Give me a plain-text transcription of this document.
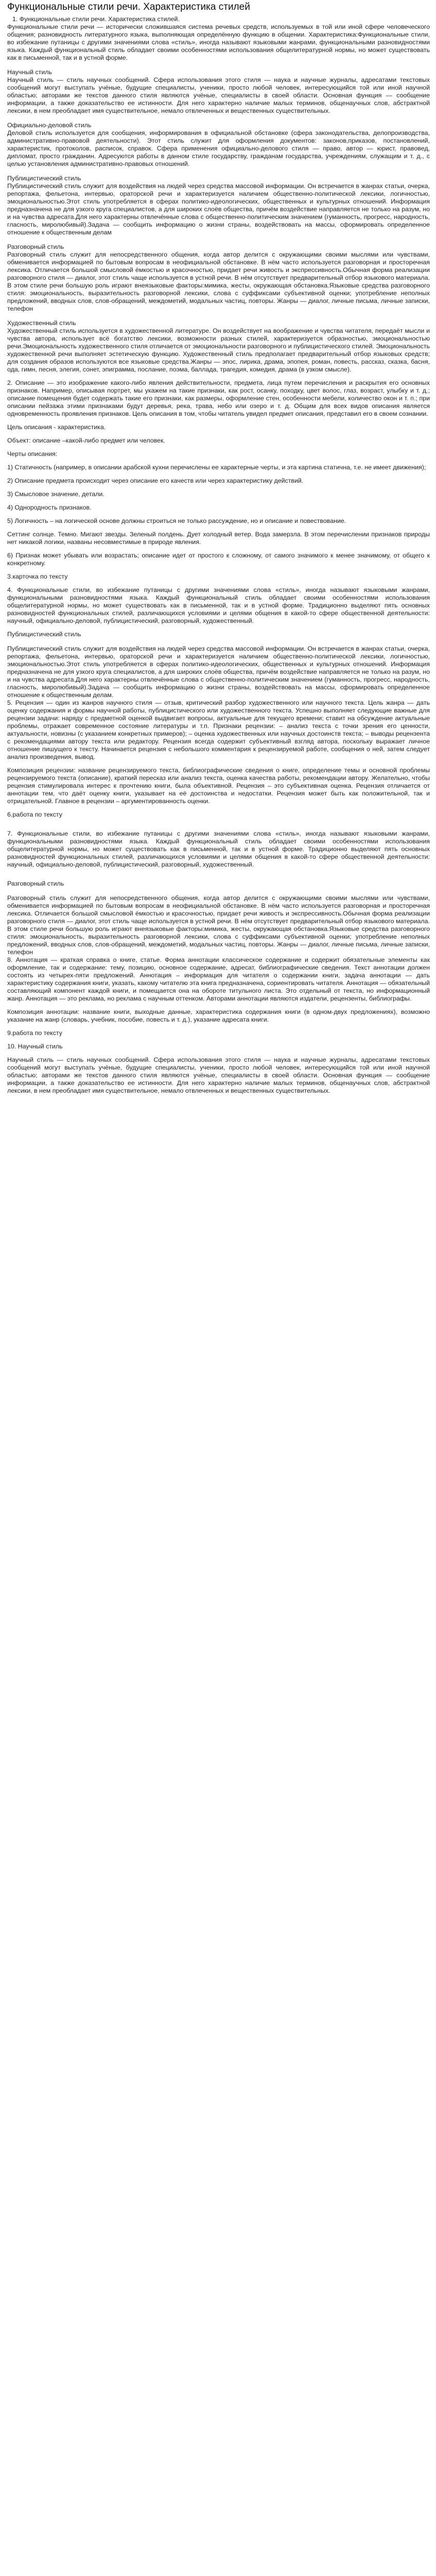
Функциональные стили речи. Характеристика стилей

1. Функциональные стили речи. Характеристика стилей.

Функциональные стили речи — исторически сложившаяся система речевых средств, используемых в той или иной сфере человеческого общения; разновидность литературного языка, выполняющая определённую функцию в общении. Характеристика:Функциональные стили, во избежание путаницы с другими значениями слова «стиль», иногда называют языковыми жанрами, функциональными разновидностями языка. Каждый функциональный стиль обладает своими особенностями использования общелитературной нормы, но может существовать как в письменной, так и в устной форме.

Научный стиль

Научный стиль — стиль научных сообщений. Сфера использования этого стиля — наука и научные журналы, адресатами текстовых сообщений могут выступать учёные, будущие специалисты, ученики, просто любой человек, интересующийся той или иной научной областью; авторами же текстов данного стиля являются учёные, специалисты в своей области. Основная функция — сообщение информации, а также доказательство ее истинности. Для него характерно наличие малых терминов, общенаучных слов, абстрактной лексики, в нем преобладает имя существительное, немало отвлеченных и вещественных существительных.

Официально-деловой стиль

Деловой стиль используется для сообщения, информирования в официальной обстановке (сфера законодательства, делопроизводства, административно-правовой деятельности). Этот стиль служит для оформления документов: законов,приказов, постановлений, характеристик, протоколов, расписок, справок. Сфера применения официально-делового стиля — право, автор — юрист, правовед, дипломат, просто гражданин. Адресуются работы в данном стиле государству, гражданам государства, учреждениям, служащим и т. д., с целью установления административно-правовых отношений.

Публицистический стиль

Публицистический стиль служит для воздействия на людей через средства массовой информации. Он встречается в жанрах статьи, очерка, репортажа, фельетона, интервью, ораторской речи и характеризуется наличием общественно-политической лексики, логичностью, эмоциональностью.Этот стиль употребляется в сферах политико-идеологических, общественных и культурных отношений. Информация предназначена не для узкого круга специалистов, а для широких слоёв общества, причём воздействие направляется не только на разум, но и на чувства адресата.Для него характерны отвлечённые слова с общественно-политическим значением (гуманность, прогресс, народность, гласность, миролюбивый).Задача — сообщить информацию о жизни страны, воздействовать на массы, сформировать определенное отношение к общественным делам

Разговорный стиль

Разговорный стиль служит для непосредственного общения, когда автор делится с окружающими своими мыслями или чувствами, обменивается информацией по бытовым вопросам в неофициальной обстановке. В нём часто используется разговорная и просторечная лексика. Отличается большой смысловой ёмкостью и красочностью, придает речи живость и экспрессивность.Обычная форма реализации разговорного стиля — диалог, этот стиль чаще используется в устной речи. В нём отсутствует предварительный отбор языкового материала. В этом стиле речи большую роль играют внеязыковые факторы:мимика, жесты, окружающая обстановка.Языковые средства разговорного стиля: эмоциональность, выразительность разговорной лексики, слова с суффиксами субъективной оценки; употребление неполных предложений, вводных слов, слов-обращений, междометий, модальных частиц, повторы. Жанры — диалог, личные письма, личные записки, телефон

Художественный стиль

Художественный стиль используется в художественной литературе. Он воздействует на воображение и чувства читателя, передаёт мысли и чувства автора, использует всё богатство лексики, возможности разных стилей, характеризуется образностью, эмоциональностью речи.Эмоциональность художественного стиля отличается от эмоциональности разговорного и публицистического стилей. Эмоциональность художественной речи выполняет эстетическую функцию. Художественный стиль предполагает предварительный отбор языковых средств; для создания образов используются все языковые средства.Жанры — эпос, лирика, драма, эпопея, роман, повесть, рассказ, сказка, басня, ода, гимн, песня, элегия, сонет, эпиграмма, послание, поэма, баллада, трагедия, комедия, драма (в узком смысле).

2. Описание — это изображение какого-либо явления действительности, предмета, лица путем перечисления и раскрытия его основных признаков. Например, описывая портрет, мы укажем на такие признаки, как рост, осанку, походку, цвет волос, глаз, возраст, улыбку и т. д.; описание помещения будет содержать такие его признаки, как размеры, оформление стен, особенности мебели, количество окон и т. п.; при описании пейзажа этими признаками будут деревья, река, трава, небо или озеро и т. д. Общим для всех видов описания является одновременность проявления признаков. Цель описания в том, чтобы читатель увидел предмет описания, представил его в своем сознании.

Цель описания - характеристика.

Объект: описание –какой-либо предмет или человек.

Черты описания:

1) Статичность (например, в описании арабской кухни перечислены ее характерные черты, и эта картина статична, т.е. не имеет движения);

2) Описание предмета происходит через описание его качеств или через характеристику действий.

3) Смысловое значение, детали.

4) Однородность признаков.

5) Логичность – на логической основе должны строиться не только рассуждение, но и описание и повествование.

Сеттинг солнце. Темно. Мигают звезды. Зеленый полдень. Дует холодный ветер. Вода замерзла. В этом перечислении признаков природы нет никакой логики, названы несовместимые в природе явления.

6) Признак может убывать или возрастать; описание идет от простого к сложному, от самого значимого к менее значимому, от общего к конкретному.

3.карточка по тексту

4. Функциональные стили, во избежание путаницы с другими значениями слова «стиль», иногда называют языковыми жанрами, функциональными разновидностями языка. Каждый функциональный стиль обладает своими особенностями использования общелитературной нормы, но может существовать как в письменной, так и в устной форме. Традиционно выделяют пять основных разновидностей функциональных стилей, различающихся условиями и целями общения в какой-то сфере общественной деятельности: научный, официально-деловой, публицистический, разговорный, художественный.

Публицистический стиль

Публицистический стиль служит для воздействия на людей через средства массовой информации. Он встречается в жанрах статьи, очерка, репортажа, фельетона, интервью, ораторской речи и характеризуется наличием общественно-политической лексики, логичностью, эмоциональностью.Этот стиль употребляется в сферах политико-идеологических, общественных и культурных отношений. Информация предназначена не для узкого круга специалистов, а для широких слоёв общества, причём воздействие направляется не только на разум, но и на чувства адресата.Для него характерны отвлечённые слова с общественно-политическим значением (гуманность, прогресс, народность, гласность, миролюбивый).Задача — сообщить информацию о жизни страны, воздействовать на массы, сформировать определенное отношение к общественным делам.

5. Рецензия — один из жанров научного стиля — отзыв, критический разбор художественного или научного текста. Цель жанра — дать оценку содержания и формы научной работы, публицистического или художественного текста. Успешно выполняет следующие важные для рецензии задачи: наряду с предметной оценкой выдвигает вопросы, актуальные для текущего времени; ставит на обсуждение актуальные проблемы, отражает современное состояние литературы и т.п. Признаки рецензии: – анализ текста с точки зрения его ценности, актуальности, новизны (с указанием конкретных примеров); – оценка художественных или научных достоинств текста; – выводы рецензента с рекомендациями автору текста или редактору. Рецензия всегда содержит субъективный взгляд автора, поскольку выражает личное отношение пишущего к тексту. Начинается рецензия с небольшого комментария к рецензируемой работе, сообщения о ней, затем следует анализ произведения, вывод.

Композиция рецензии: название рецензируемого текста, библиографические сведения о книге, определение темы и основной проблемы рецензируемого текста (описание), краткий пересказ или анализ текста, оценка качества работы, рекомендации автору. Желательно, чтобы рецензия стимулировала интерес к прочтению книги, была объективной. Рецензия – это субъективная оценка. Рецензия отличается от аннотации тем, что даёт оценку книги, указывает на её достоинства и недостатки. Рецензия может быть как положительной, так и отрицательной. Главное в рецензии – аргументированность оценки.

6.работа по тексту

7. Функциональные стили, во избежание путаницы с другими значениями слова «стиль», иногда называют языковыми жанрами, функциональными разновидностями языка. Каждый функциональный стиль обладает своими особенностями использования общелитературной нормы, но может существовать как в письменной, так и в устной форме. Традиционно выделяют пять основных разновидностей функциональных стилей, различающихся условиями и целями общения в какой-то сфере общественной деятельности: научный, официально-деловой, публицистический, разговорный, художественный.

Разговорный стиль

Разговорный стиль служит для непосредственного общения, когда автор делится с окружающими своими мыслями или чувствами, обменивается информацией по бытовым вопросам в неофициальной обстановке. В нём часто используется разговорная и просторечная лексика. Отличается большой смысловой ёмкостью и красочностью, придает речи живость и экспрессивность.Обычная форма реализации разговорного стиля — диалог, этот стиль чаще используется в устной речи. В нём отсутствует предварительный отбор языкового материала. В этом стиле речи большую роль играют внеязыковые факторы:мимика, жесты, окружающая обстановка.Языковые средства разговорного стиля: эмоциональность, выразительность разговорной лексики, слова с суффиксами субъективной оценки; употребление неполных предложений, вводных слов, слов-обращений, междометий, модальных частиц, повторы. Жанры — диалог, личные письма, личные записки, телефон

8. Аннотация — краткая справка о книге, статье. Форма аннотации классическое содержание и содержит обязательные элементы как оформление, так и содержание: тему, позицию, основное содержание, адресат, библиографические сведения. Текст аннотации должен состоять из четырех-пяти предложений. Аннотация – информация для читателя о содержании книги, задача аннотации — дать характеристику содержания книги, указать, какому читателю эта книга предназначена, сориентировать читателя. Аннотация — обязательный составляющий компонент каждой книги, и помещается она на обороте титульного листа. Это отдельный от текста, но информационный жанр. Аннотация — это реклама, но реклама с научным оттенком. Авторами аннотации являются издатели, рецензенты, библиографы.

Композиция аннотации: название книги, выходные данные, характеристика содержания книги (в одном-двух предложениях), возможно указание на жанр (словарь, учебник, пособие, повесть и т. д.), указание адресата книги.

9.работа по тексту

10. Научный стиль

Научный стиль — стиль научных сообщений. Сфера использования этого стиля — наука и научные журналы, адресатами текстовых сообщений могут выступать учёные, будущие специалисты, ученики, просто любой человек, интересующийся той или иной научной областью; авторами же текстов данного стиля являются учёные, специалисты в своей области. Основная функция — сообщение информации, а также доказательство ее истинности. Для него характерно наличие малых терминов, общенаучных слов, абстрактной лексики, в нем преобладает имя существительное, немало отвлеченных и вещественных существительных.
